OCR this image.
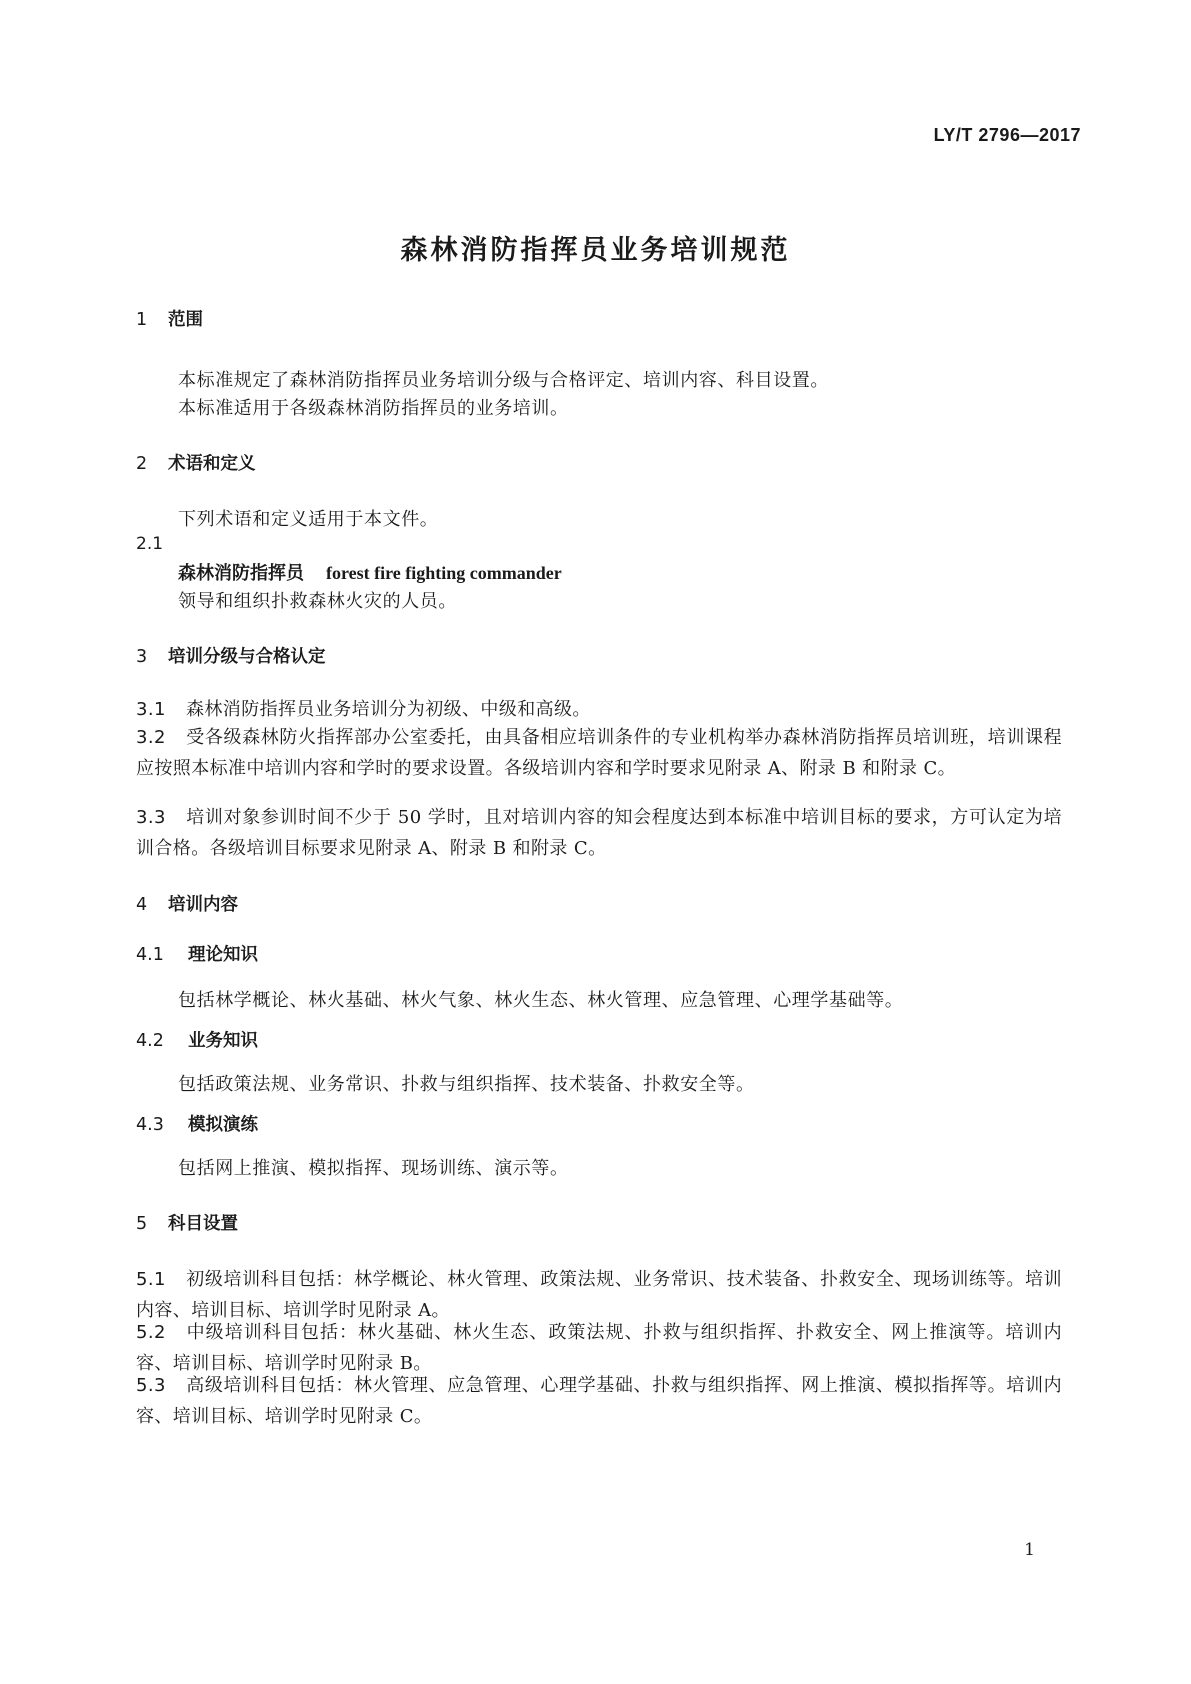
LY/T 2796—2017
森林消防指挥员业务培训规范
1 范围
本标准规定了森林消防指挥员业务培训分级与合格评定、培训内容、科目设置。
本标准适用于各级森林消防指挥员的业务培训。
2 术语和定义
下列术语和定义适用于本文件。
2.1
森林消防指挥员 forest fire fighting commander
领导和组织扑救森林火灾的人员。
3 培训分级与合格认定
3.1 森林消防指挥员业务培训分为初级、中级和高级。
3.2 受各级森林防火指挥部办公室委托，由具备相应培训条件的专业机构举办森林消防指挥员培训班，培训课程应按照本标准中培训内容和学时的要求设置。各级培训内容和学时要求见附录 A、附录 B 和附录 C。
3.3 培训对象参训时间不少于 50 学时，且对培训内容的知会程度达到本标准中培训目标的要求，方可认定为培训合格。各级培训目标要求见附录 A、附录 B 和附录 C。
4 培训内容
4.1 理论知识
包括林学概论、林火基础、林火气象、林火生态、林火管理、应急管理、心理学基础等。
4.2 业务知识
包括政策法规、业务常识、扑救与组织指挥、技术装备、扑救安全等。
4.3 模拟演练
包括网上推演、模拟指挥、现场训练、演示等。
5 科目设置
5.1 初级培训科目包括：林学概论、林火管理、政策法规、业务常识、技术装备、扑救安全、现场训练等。培训内容、培训目标、培训学时见附录 A。
5.2 中级培训科目包括：林火基础、林火生态、政策法规、扑救与组织指挥、扑救安全、网上推演等。培训内容、培训目标、培训学时见附录 B。
5.3 高级培训科目包括：林火管理、应急管理、心理学基础、扑救与组织指挥、网上推演、模拟指挥等。培训内容、培训目标、培训学时见附录 C。
1
